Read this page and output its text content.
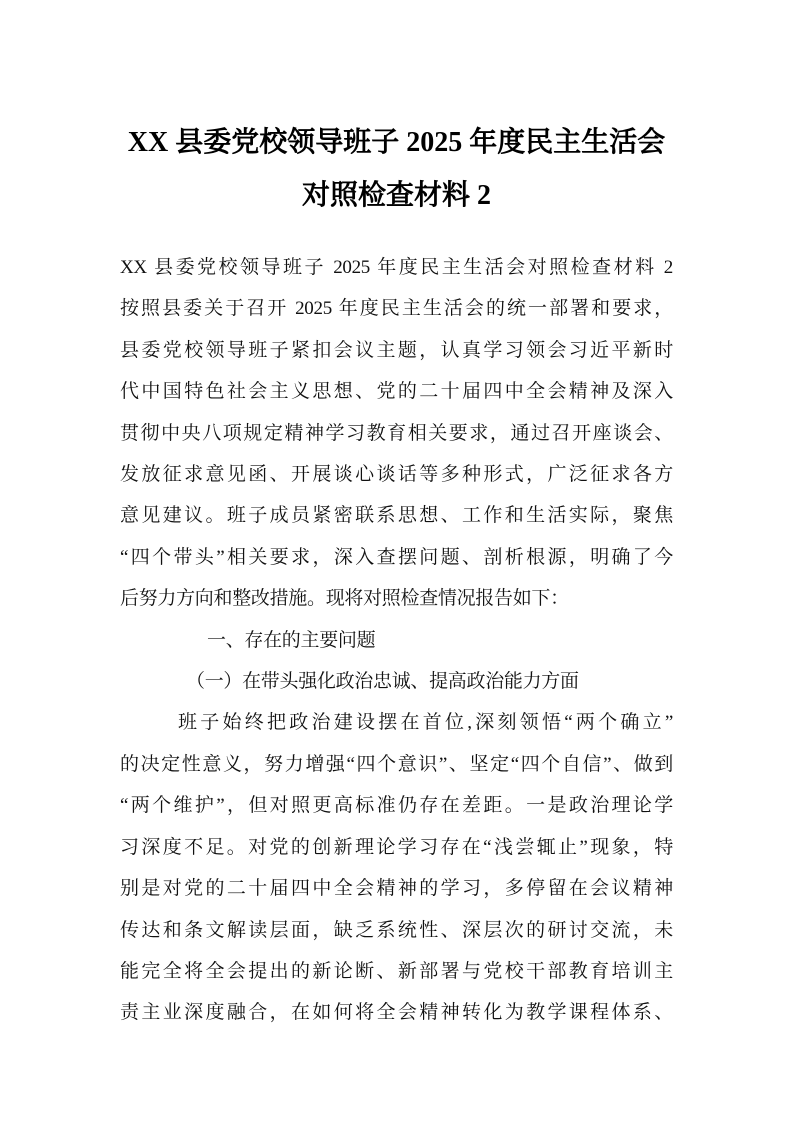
XX 县委党校领导班子 2025 年度民主生活会
对照检查材料 2
XX 县委党校领导班子 2025 年度民主生活会对照检查材料 2
按照县委关于召开 2025 年度民主生活会的统一部署和要求，
县委党校领导班子紧扣会议主题，认真学习领会习近平新时
代中国特色社会主义思想、党的二十届四中全会精神及深入
贯彻中央八项规定精神学习教育相关要求，通过召开座谈会、
发放征求意见函、开展谈心谈话等多种形式，广泛征求各方
意见建议。班子成员紧密联系思想、工作和生活实际，聚焦
“四个带头”相关要求，深入查摆问题、剖析根源，明确了今
后努力方向和整改措施。现将对照检查情况报告如下：
一、存在的主要问题
（一）在带头强化政治忠诚、提高政治能力方面
班子始终把政治建设摆在首位,深刻领悟“两个确立”
的决定性意义，努力增强“四个意识”、坚定“四个自信”、做到
“两个维护”，但对照更高标准仍存在差距。一是政治理论学
习深度不足。对党的创新理论学习存在“浅尝辄止”现象，特
别是对党的二十届四中全会精神的学习，多停留在会议精神
传达和条文解读层面，缺乏系统性、深层次的研讨交流，未
能完全将全会提出的新论断、新部署与党校干部教育培训主
责主业深度融合，在如何将全会精神转化为教学课程体系、
